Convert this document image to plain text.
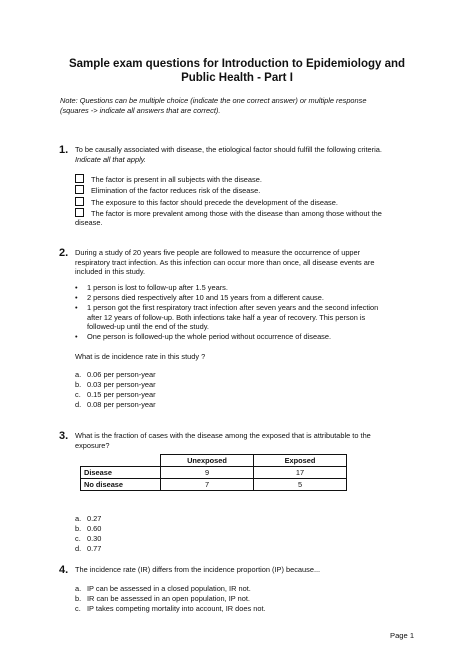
Sample exam questions for Introduction to Epidemiology and
Public Health - Part I
Note: Questions can be multiple choice (indicate the one correct answer) or multiple response
(squares -> indicate all answers that are correct).
1. To be causally associated with disease, the etiological factor should fulfill the following criteria.
Indicate all that apply.
The factor is present in all subjects with the disease.
Elimination of the factor reduces risk of the disease.
The exposure to this factor should precede the development of the disease.
The factor is more prevalent among those with the disease than among those without the
disease.
2. During a study of 20 years five people are followed to measure the occurrence of upper
respiratory tract infection. As this infection can occur more than once, all disease events are
included in this study.
• 1 person is lost to follow-up after 1.5 years.
• 2 persons died respectively after 10 and 15 years from a different cause.
• 1 person got the first respiratory tract infection after seven years and the second infection
after 12 years of follow-up. Both infections take half a year of recovery. This person is
followed-up until the end of the study.
• One person is followed-up the whole period without occurrence of disease.
What is de incidence rate in this study ?
a. 0.06 per person-year
b. 0.03 per person-year
c. 0.15 per person-year
d. 0.08 per person-year
3. What is the fraction of cases with the disease among the exposed that is attributable to the
exposure?
	Unexposed	Exposed
Disease	9	17
No disease	7	5
a. 0.27
b. 0.60
c. 0.30
d. 0.77
4. The incidence rate (IR) differs from the incidence proportion (IP) because...
a. IP can be assessed in a closed population, IR not.
b. IR can be assessed in an open population, IP not.
c. IP takes competing mortality into account, IR does not.
Page 1
